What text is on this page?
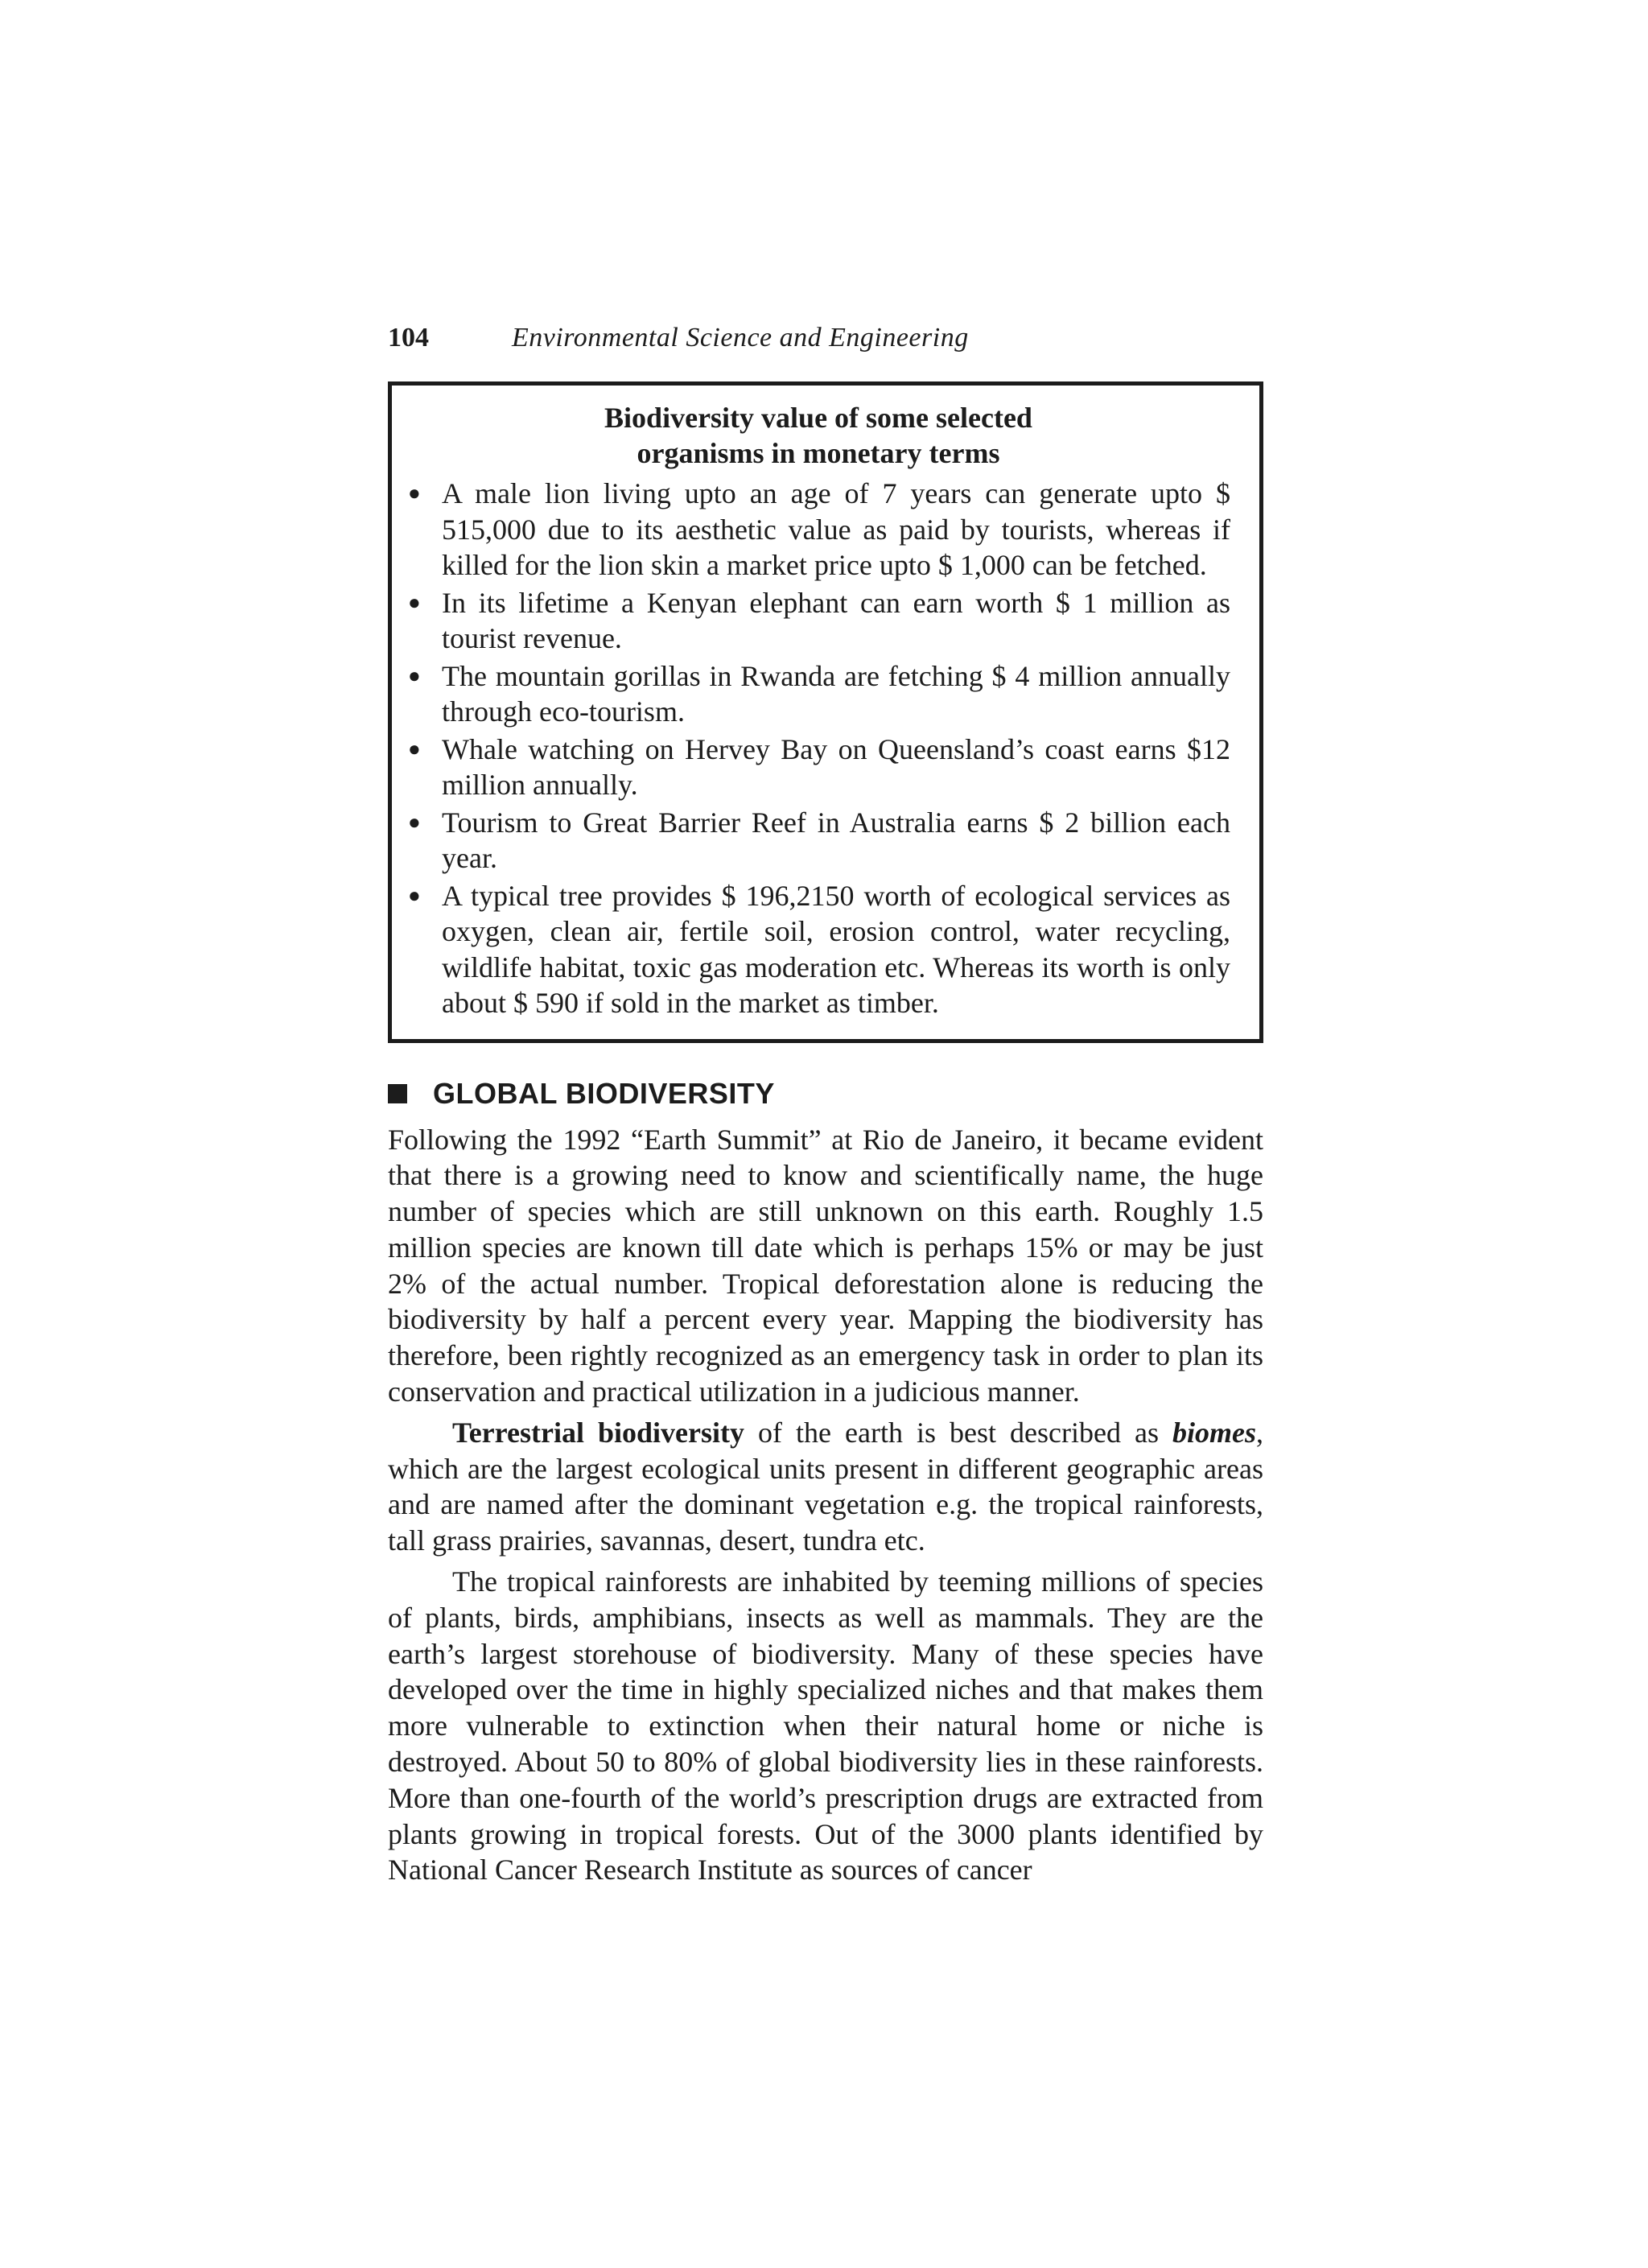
104	Environmental Science and Engineering
Biodiversity value of some selected
organisms in monetary terms
● A male lion living upto an age of 7 years can generate upto $ 515,000 due to its aesthetic value as paid by tourists, whereas if killed for the lion skin a market price upto $ 1,000 can be fetched.
● In its lifetime a Kenyan elephant can earn worth $ 1 million as tourist revenue.
● The mountain gorillas in Rwanda are fetching $ 4 million annually through eco-tourism.
● Whale watching on Hervey Bay on Queensland’s coast earns $12 million annually.
● Tourism to Great Barrier Reef in Australia earns $ 2 billion each year.
● A typical tree provides $ 196,2150 worth of ecological services as oxygen, clean air, fertile soil, erosion control, water recycling, wildlife habitat, toxic gas moderation etc. Whereas its worth is only about $ 590 if sold in the market as timber.
GLOBAL BIODIVERSITY

Following the 1992 “Earth Summit” at Rio de Janeiro, it became evident that there is a growing need to know and scientifically name, the huge number of species which are still unknown on this earth. Roughly 1.5 million species are known till date which is perhaps 15% or may be just 2% of the actual number. Tropical deforestation alone is reducing the biodiversity by half a percent every year. Mapping the biodiversity has therefore, been rightly recognized as an emergency task in order to plan its conservation and practical utilization in a judicious manner.

Terrestrial biodiversity of the earth is best described as biomes, which are the largest ecological units present in different geographic areas and are named after the dominant vegetation e.g. the tropical rainforests, tall grass prairies, savannas, desert, tundra etc.

The tropical rainforests are inhabited by teeming millions of species of plants, birds, amphibians, insects as well as mammals. They are the earth’s largest storehouse of biodiversity. Many of these species have developed over the time in highly specialized niches and that makes them more vulnerable to extinction when their natural home or niche is destroyed. About 50 to 80% of global biodiversity lies in these rainforests. More than one-fourth of the world’s prescription drugs are extracted from plants growing in tropical forests. Out of the 3000 plants identified by National Cancer Research Institute as sources of cancer
